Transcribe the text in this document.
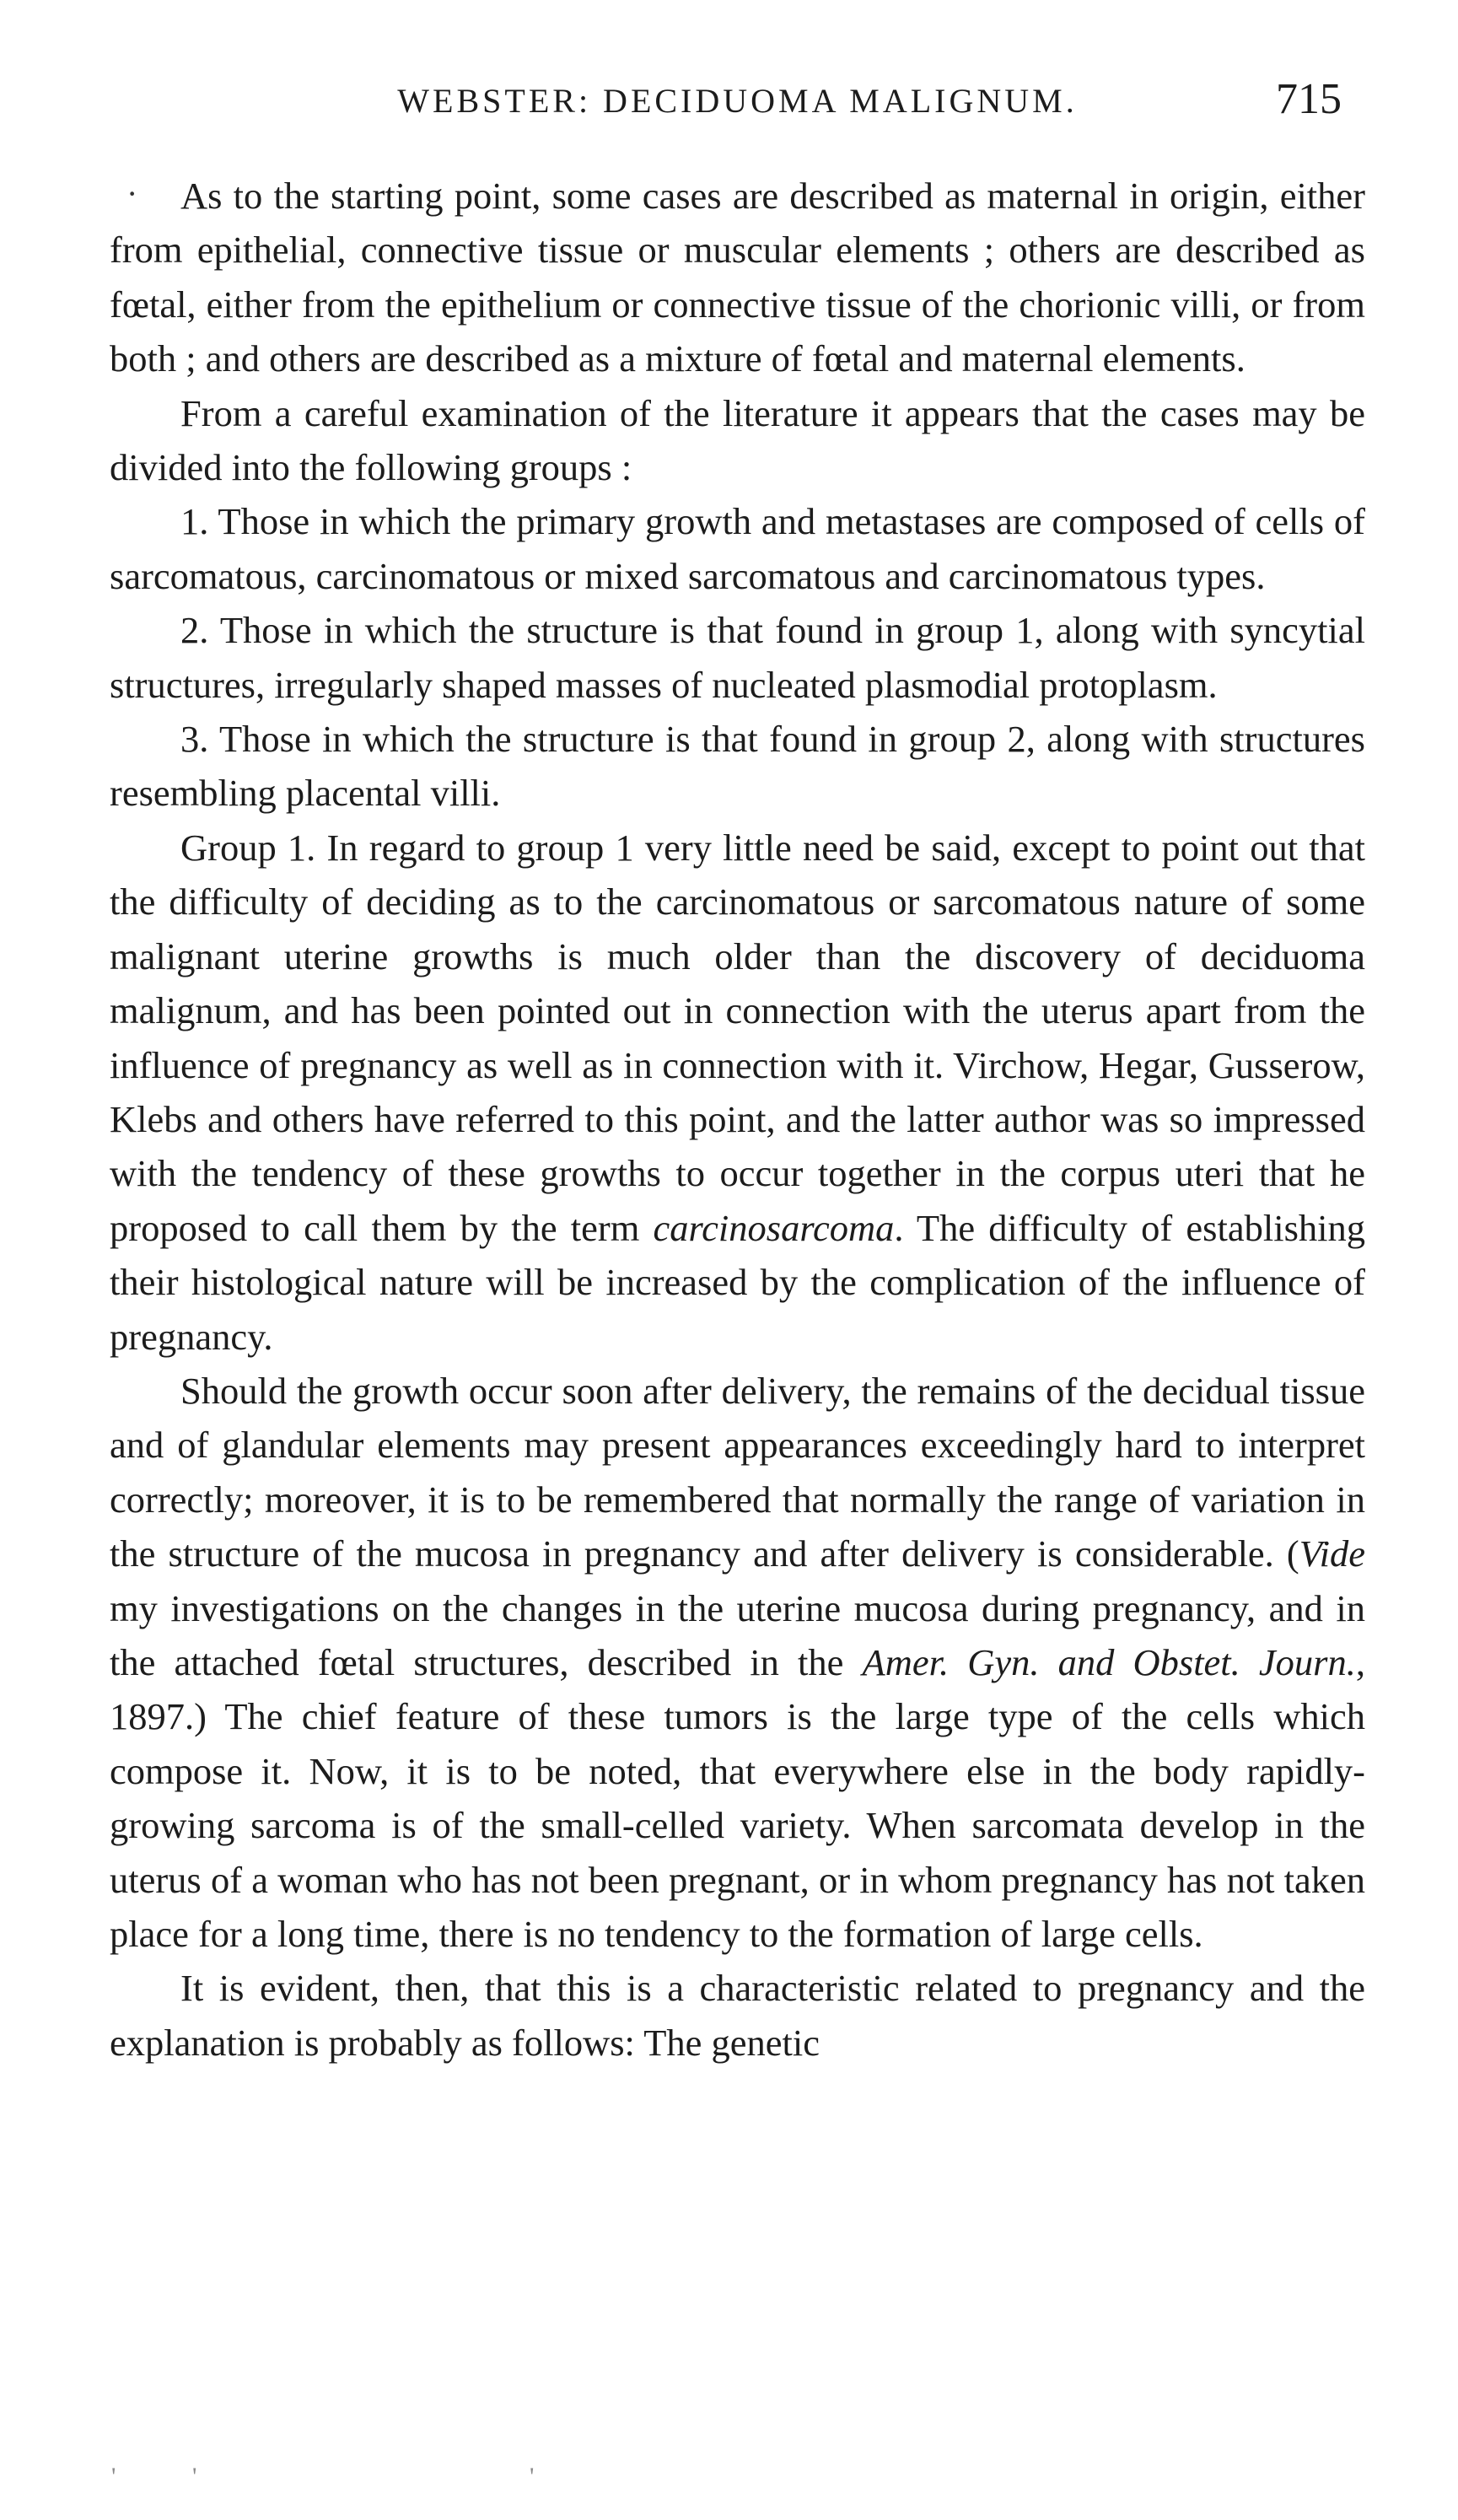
WEBSTER: DECIDUOMA MALIGNUM.	715
·	As to the starting point, some cases are described as maternal in origin, either from epithelial, connective tissue or muscular elements ; others are described as fœtal, either from the epithelium or connective tissue of the chorionic villi, or from both ; and others are described as a mixture of fœtal and maternal elements.

From a careful examination of the literature it appears that the cases may be divided into the following groups :

1. Those in which the primary growth and metastases are composed of cells of sarcomatous, carcinomatous or mixed sarcomatous and carcinomatous types.

2. Those in which the structure is that found in group 1, along with syncytial structures, irregularly shaped masses of nucleated plasmodial protoplasm.

3. Those in which the structure is that found in group 2, along with structures resembling placental villi.

Group 1. In regard to group 1 very little need be said, except to point out that the difficulty of deciding as to the carcinomatous or sarcomatous nature of some malignant uterine growths is much older than the discovery of deciduoma malignum, and has been pointed out in connection with the uterus apart from the influence of pregnancy as well as in connection with it. Virchow, Hegar, Gusserow, Klebs and others have referred to this point, and the latter author was so impressed with the tendency of these growths to occur together in the corpus uteri that he proposed to call them by the term carcinosarcoma. The difficulty of establishing their histological nature will be increased by the complication of the influence of pregnancy.

Should the growth occur soon after delivery, the remains of the decidual tissue and of glandular elements may present appearances exceedingly hard to interpret correctly; moreover, it is to be remembered that normally the range of variation in the structure of the mucosa in pregnancy and after delivery is considerable. (Vide my investigations on the changes in the uterine mucosa during pregnancy, and in the attached fœtal structures, described in the Amer. Gyn. and Obstet. Journ., 1897.) The chief feature of these tumors is the large type of the cells which compose it. Now, it is to be noted, that everywhere else in the body rapidly-growing sarcoma is of the small-celled variety. When sarcomata develop in the uterus of a woman who has not been pregnant, or in whom pregnancy has not taken place for a long time, there is no tendency to the formation of large cells.

It is evident, then, that this is a characteristic related to pregnancy and the explanation is probably as follows: The genetic

'	'	'
